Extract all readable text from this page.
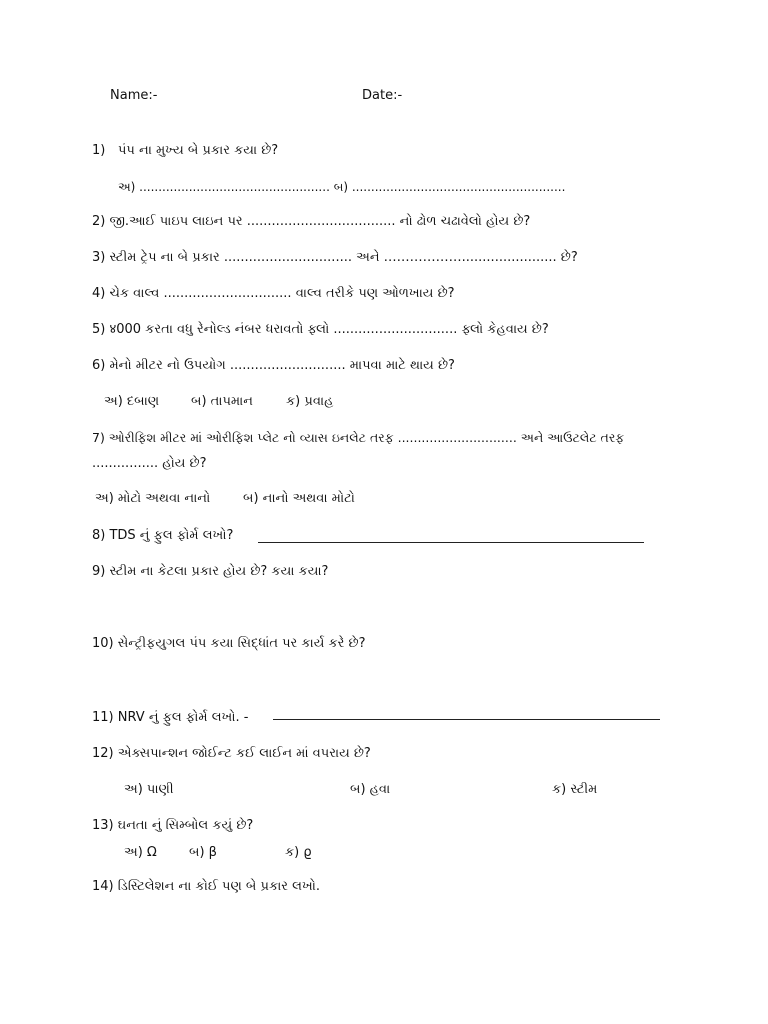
Name:-	Date:-
1) પંપ ના મુખ્ય બે પ્રકાર કયા છે?
અ) .................................................. બ) ........................................................
2) જી.આઈ પાઇપ લાઇન પર .................................... નો ઢોળ ચઢાવેલો હોય છે?
3) સ્ટીમ ટ્રેપ ના બે પ્રકાર ............................... અને ………………....................... છે?
4) ચેક વાલ્વ ............................... વાલ્વ તરીકે પણ ઓળખાય છે?
5) ४000 કરતા વધુ રેનોલ્ડ નંબર ધરાવતો ફ્લો .............................. ફ્લો કેહવાય છે?
6) મેનો મીટર નો ઉપયોગ ............................ માપવા માટે થાય છે?
અ) દબાણ બ) તાપમાન	ક) પ્રવાહ
7) ઓરીફિશ મીટર માં ઓરીફિશ પ્લેટ નો વ્યાસ ઇનલેટ તરફ .............................. અને આઉટલેટ તરફ
................ હોય છે?
અ) મોટો અથવા નાનો	બ) નાનો અથવા મોટો
8) TDS નું ફુલ ફોર્મ લખો?
9) સ્ટીમ ના કેટલા પ્રકાર હોય છે? કયા કયા?
10) સેન્ટ્રીફયુગલ પંપ કયા સિદ્ધાંત પર કાર્ય કરે છે?
11) NRV નું ફુલ ફોર્મ લખો. -
12) એક્સપાન્શન જોઈન્ટ કઈ લાઈન માં વપરાય છે?
અ) પાણી	બ) હવા	ક) સ્ટીમ
13) ઘનતા નું સિમ્બોલ કયું છે?
અ) Ω બ) β	ક) ϱ
14) ડિસ્ટિલેશન ના કોઈ પણ બે પ્રકાર લખો.
